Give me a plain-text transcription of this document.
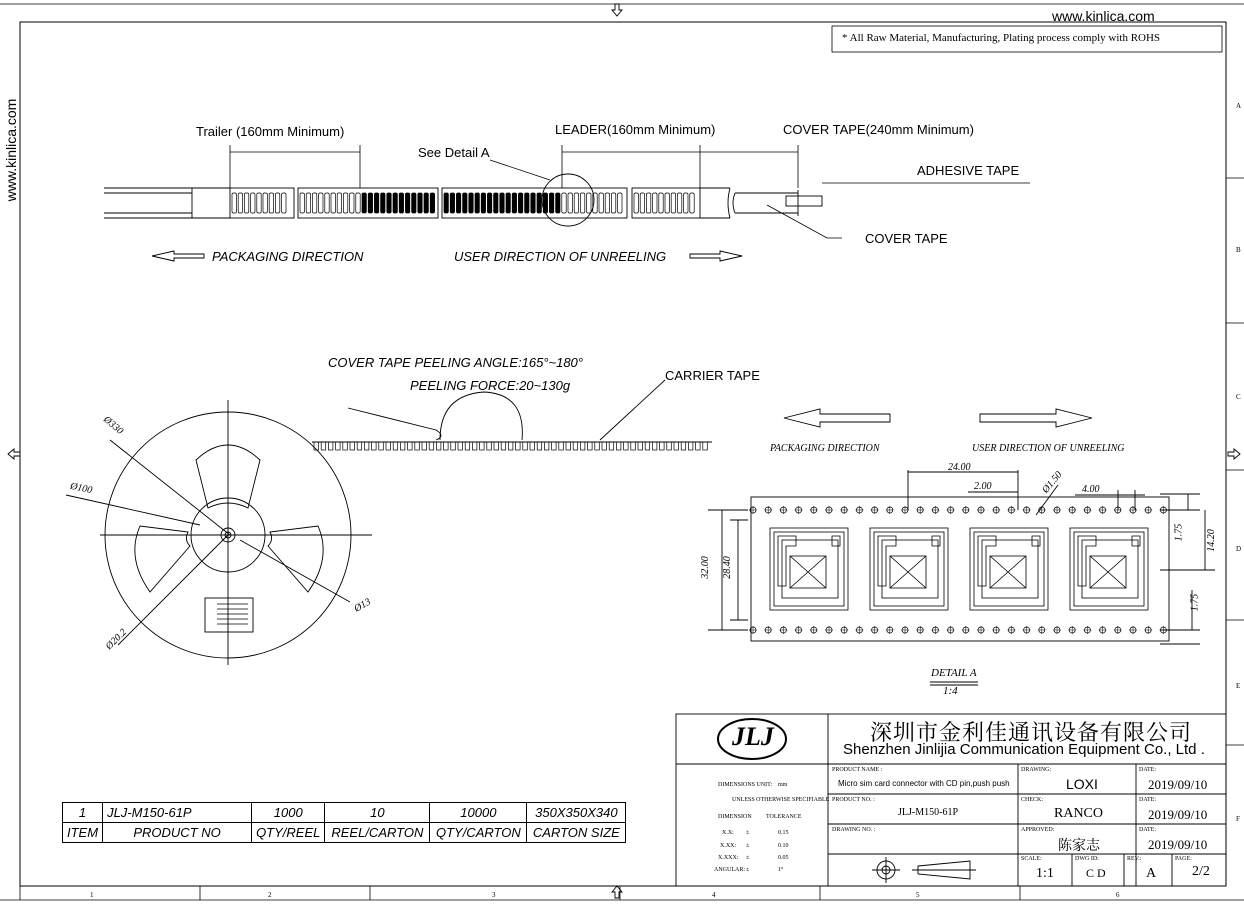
www.kinlica.com
* All Raw Material, Manufacturing, Plating process comply with ROHS
www.kinlica.com	Trailer (160mm Minimum)
See Detail A
LEADER(160mm Minimum)	COVER TAPE(240mm Minimum)
ADHESIVE TAPE
COVER TAPE
PACKAGING DIRECTION	USER DIRECTION OF UNREELING
COVER TAPE PEELING ANGLE:165°~180°
PEELING FORCE:20~130g
CARRIER TAPE
Ø330
Ø100
Ø13
Ø20.2
PACKAGING DIRECTION	USER DIRECTION OF UNREELING
24.00
2.00	Ø1.50 4.00
32.00 28.40
1.75 14.20
1.75
DETAIL A
1:4
1	JLJ-M150-61P	1000	10	10000	350X350X340
ITEM	PRODUCT NO	QTY/REEL	REEL/CARTON	QTY/CARTON	CARTON SIZE
JLJ	深圳市金利佳通讯设备有限公司
Shenzhen Jinlijia Communication Equipment Co., Ltd .
DIMENSIONS UNIT: mm
UNLESS OTHERWISE SPECIFIABLE
DIMENSION TOLERANCE
X.X: ±	0.15
X.XX: ±	0.10
X.XXX: ±	0.05
ANGULAR: ±	1°
PRODUCT NAME :
Micro sim card connector with CD pin,push push
PRODUCT NO. :
JLJ-M150-61P
DRAWING NO. :
DRAWING:
LOXI
CHECK:
RANCO
APPROVED:
陈家志
DATE:
2019/09/10
DATE:
2019/09/10
DATE:
2019/09/10
SCALE:
1:1
DWG ID:
C D
REV.:
A
PAGE:
2/2
1	2	3	4	5	6
A
B
C
D
E
F
